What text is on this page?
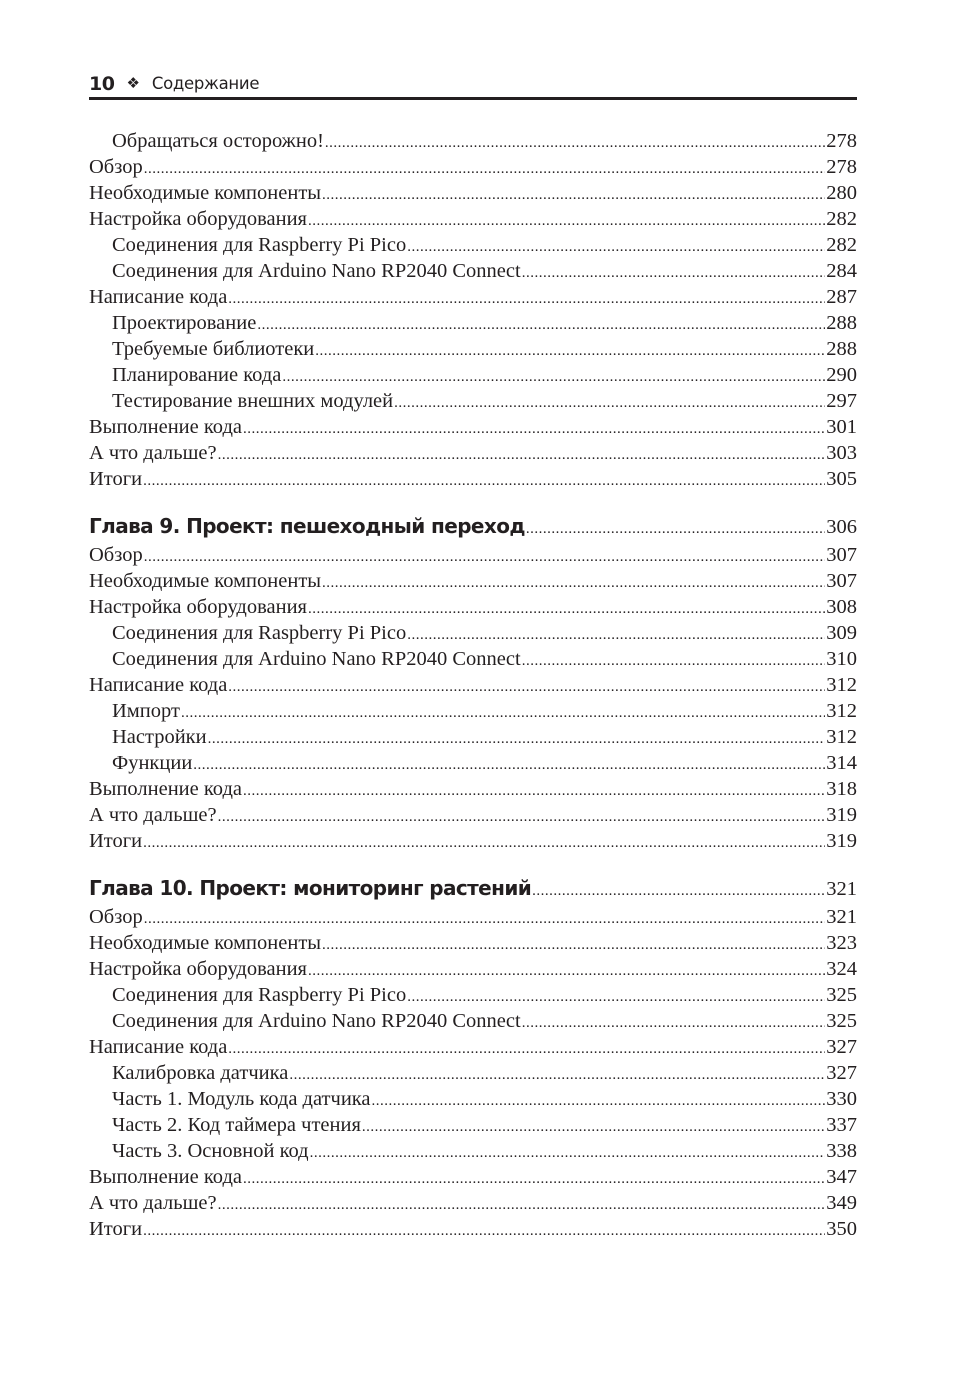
10 ❖ Содержание
Обращаться осторожно! .....	278
Обзор .....	278
Необходимые компоненты .....	280
Настройка оборудования .....	282
Соединения для Raspberry Pi Pico .....	282
Соединения для Arduino Nano RP2040 Connect .....	284
Написание кода .....	287
Проектирование .....	288
Требуемые библиотеки .....	288
Планирование кода .....	290
Тестирование внешних модулей .....	297
Выполнение кода .....	301
А что дальше? .....	303
Итоги .....	305
Глава 9. Проект: пешеходный переход .....	306
Обзор .....	307
Необходимые компоненты .....	307
Настройка оборудования .....	308
Соединения для Raspberry Pi Pico .....	309
Соединения для Arduino Nano RP2040 Connect .....	310
Написание кода .....	312
Импорт .....	312
Настройки .....	312
Функции .....	314
Выполнение кода .....	318
А что дальше? .....	319
Итоги .....	319
Глава 10. Проект: мониторинг растений .....	321
Обзор .....	321
Необходимые компоненты .....	323
Настройка оборудования .....	324
Соединения для Raspberry Pi Pico .....	325
Соединения для Arduino Nano RP2040 Connect .....	325
Написание кода .....	327
Калибровка датчика .....	327
Часть 1. Модуль кода датчика .....	330
Часть 2. Код таймера чтения .....	337
Часть 3. Основной код .....	338
Выполнение кода .....	347
А что дальше? .....	349
Итоги .....	350
